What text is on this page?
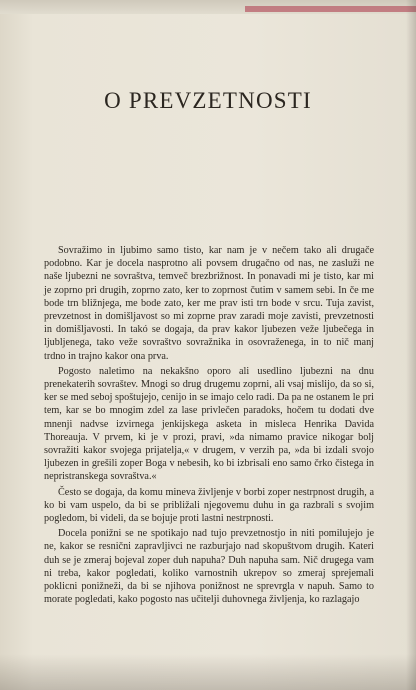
O PREVZETNOSTI

Sovražimo in ljubimo samo tisto, kar nam je v nečem tako ali drugače podobno. Kar je docela nasprotno ali povsem drugačno od nas, ne zasluži ne naše ljubezni ne sovraštva, temveč brezbrižnost. In ponavadi mi je tisto, kar mi je zoprno pri drugih, zoprno zato, ker to zoprnost čutim v samem sebi. In če me bode trn bližnjega, me bode zato, ker me prav isti trn bode v srcu. Tuja zavist, prevzetnost in domišljavost so mi zoprne prav zaradi moje zavisti, prevzetnosti in domišljavosti. In takó se dogaja, da prav kakor ljubezen veže ljubečega in ljubljenega, tako veže sovraštvo sovražnika in osovraženega, in to nič manj trdno in trajno kakor ona prva.

Pogosto naletimo na nekakšno oporo ali usedlino ljubezni na dnu prenekaterih sovraštev. Mnogi so drug drugemu zoprni, ali vsaj mislijo, da so si, ker se med seboj spoštujejo, cenijo in se imajo celo radi. Da pa ne ostanem le pri tem, kar se bo mnogim zdel za lase privlečen paradoks, hočem tu dodati dve mnenji nadvse izvirnega jenkijskega asketa in misleca Henrika Davida Thoreauja. V prvem, ki je v prozi, pravi, »da nimamo pravice nikogar bolj sovražiti kakor svojega prijatelja,« v drugem, v verzih pa, »da bi izdali svojo ljubezen in grešili zoper Boga v nebesih, ko bi izbrisali eno samo črko čistega in nepristranskega sovraštva.«

Često se dogaja, da komu mineva življenje v borbi zoper nestrpnost drugih, a ko bi vam uspelo, da bi se približali njegovemu duhu in ga razbrali s svojim pogledom, bi videli, da se bojuje proti lastni nestrpnosti.

Docela ponižni se ne spotikajo nad tujo prevzetnostjo in niti pomilujejo je ne, kakor se resnični zapravljivci ne razburjajo nad skopuštvom drugih. Kateri duh se je zmeraj bojeval zoper duh napuha? Duh napuha sam. Nič drugega vam ni treba, kakor pogledati, koliko varnostnih ukrepov so zmeraj sprejemali poklicni ponižneži, da bi se njihova ponižnost ne sprevrgla v napuh. Samo to morate pogledati, kako pogosto nas učitelji duhovnega življenja, ko razlagajo
